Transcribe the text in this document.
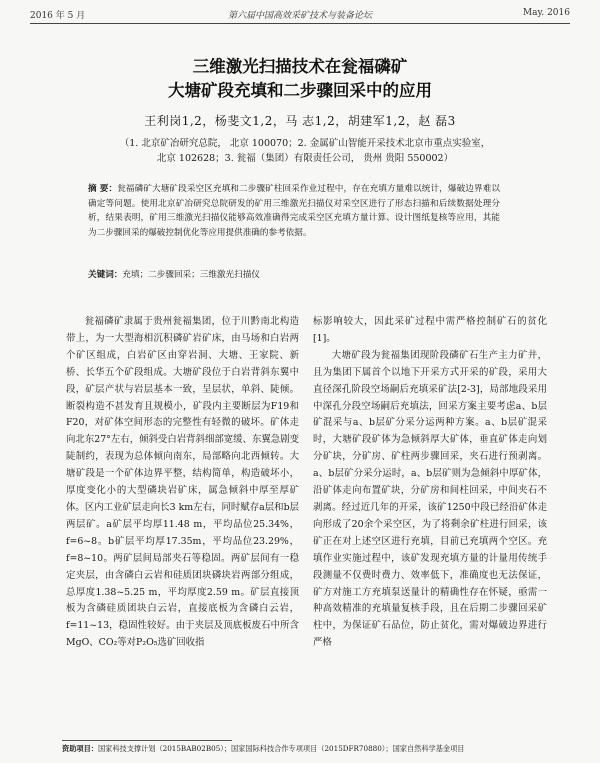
2016 年 5 月	第六届中国高效采矿技术与装备论坛	May. 2016
三维激光扫描技术在瓮福磷矿
大塘矿段充填和二步骤回采中的应用
王利岗1,2，杨斐文1,2，马 志1,2，胡建军1,2，赵 磊3
（1. 北京矿冶研究总院， 北京 100070；2. 金属矿山智能开采技术北京市重点实验室，
北京 102628；3. 瓮福（集团）有限责任公司， 贵州 贵阳 550002）
摘 要：瓮福磷矿大塘矿段采空区充填和二步骤矿柱回采作业过程中，存在充填方量难以统计，爆破边界难以确定等问题。使用北京矿冶研究总院研发的矿用三维激光扫描仪对采空区进行了形态扫描和后续数据处理分析，结果表明，矿用三维激光扫描仪能够高效准确得完成采空区充填方量计算、设计图纸复核等应用，其能为二步骤回采的爆破控制优化等应用提供准确的参考依据。
关键词：充填；二步骤回采；三维激光扫描仪

瓮福磷矿隶属于贵州瓮福集团，位于川黔南北构造带上，为一大型海相沉积磷矿岩矿床，由马场和白岩两个矿区组成，白岩矿区由穿岩洞、大塘、王家院、新桥、长华五个矿段组成。大塘矿段位于白岩背斜东翼中段，矿层产状与岩层基本一致，呈层状，单斜、陡倾。断裂构造不甚发育且规模小，矿段内主要断层为F19和F20，对矿体空间形态的完整性有轻微的破坏。矿体走向北东27°左右，倾斜受白岩背斜细部宽缓、东翼急剧变陡制约，表现为总体倾向南东，局部略向北西倾转。大塘矿段是一个矿体边界平整，结构简单，构造破坏小，厚度变化小的大型磷块岩矿床，属急倾斜中厚至厚矿体。区内工业矿层走向长3 km左右，同时赋存a层和b层两层矿。a矿层平均厚11.48 m，平均品位25.34%，f=6~8。b矿层平均厚17.35m，平均品位23.29%，f=8~10。两矿层间局部夹石等稳固。两矿层间有一稳定夹层，由含磷白云岩和硅质团块磷块岩两部分组成，总厚度1.38~5.25 m，平均厚度2.59 m。矿层直接顶板为含磷硅质团块白云岩，直接底板为含磷白云岩，f=11~13，稳固性较好。由于夹层及顶底板废石中所含MgO、CO₂等对P₂O₅选矿回收指

标影响较大，因此采矿过程中需严格控制矿石的贫化[1]。

大塘矿段为瓮福集团现阶段磷矿石生产主力矿井，且为集团下属首个以地下开采方式开采的矿段，采用大直径深孔阶段空场嗣后充填采矿法[2-3]，局部地段采用中深孔分段空场嗣后充填法，回采方案主要考虑a、b层矿混采与a、b层矿分采分运两种方案。a、b层矿混采时，大塘矿段矿体为急倾斜厚大矿体，垂直矿体走向划分矿块，分矿房、矿柱两步骤回采，夹石进行预剥离。a、b层矿分采分运时，a、b层矿则为急倾斜中厚矿体，沿矿体走向布置矿块，分矿房和间柱回采，中间夹石不剥离。经过近几年的开采，该矿1250中段已经沿矿体走向形成了20余个采空区，为了将剩余矿柱进行回采，该矿正在对上述空区进行充填，目前已充填两个空区。充填作业实施过程中，该矿发现充填方量的计量用传统手段测量不仅费时费力、效率低下，准确度也无法保证，矿方对施工方充填泵送量计的精确性存在怀疑，亟需一种高效精准的充填量复核手段，且在后期二步骤回采矿柱中，为保证矿石品位，防止贫化，需对爆破边界进行严格

资助项目：国家科技支撑计划（2015BAB02B05）；国家国际科技合作专项项目（2015DFR70880）；国家自然科学基金项目
